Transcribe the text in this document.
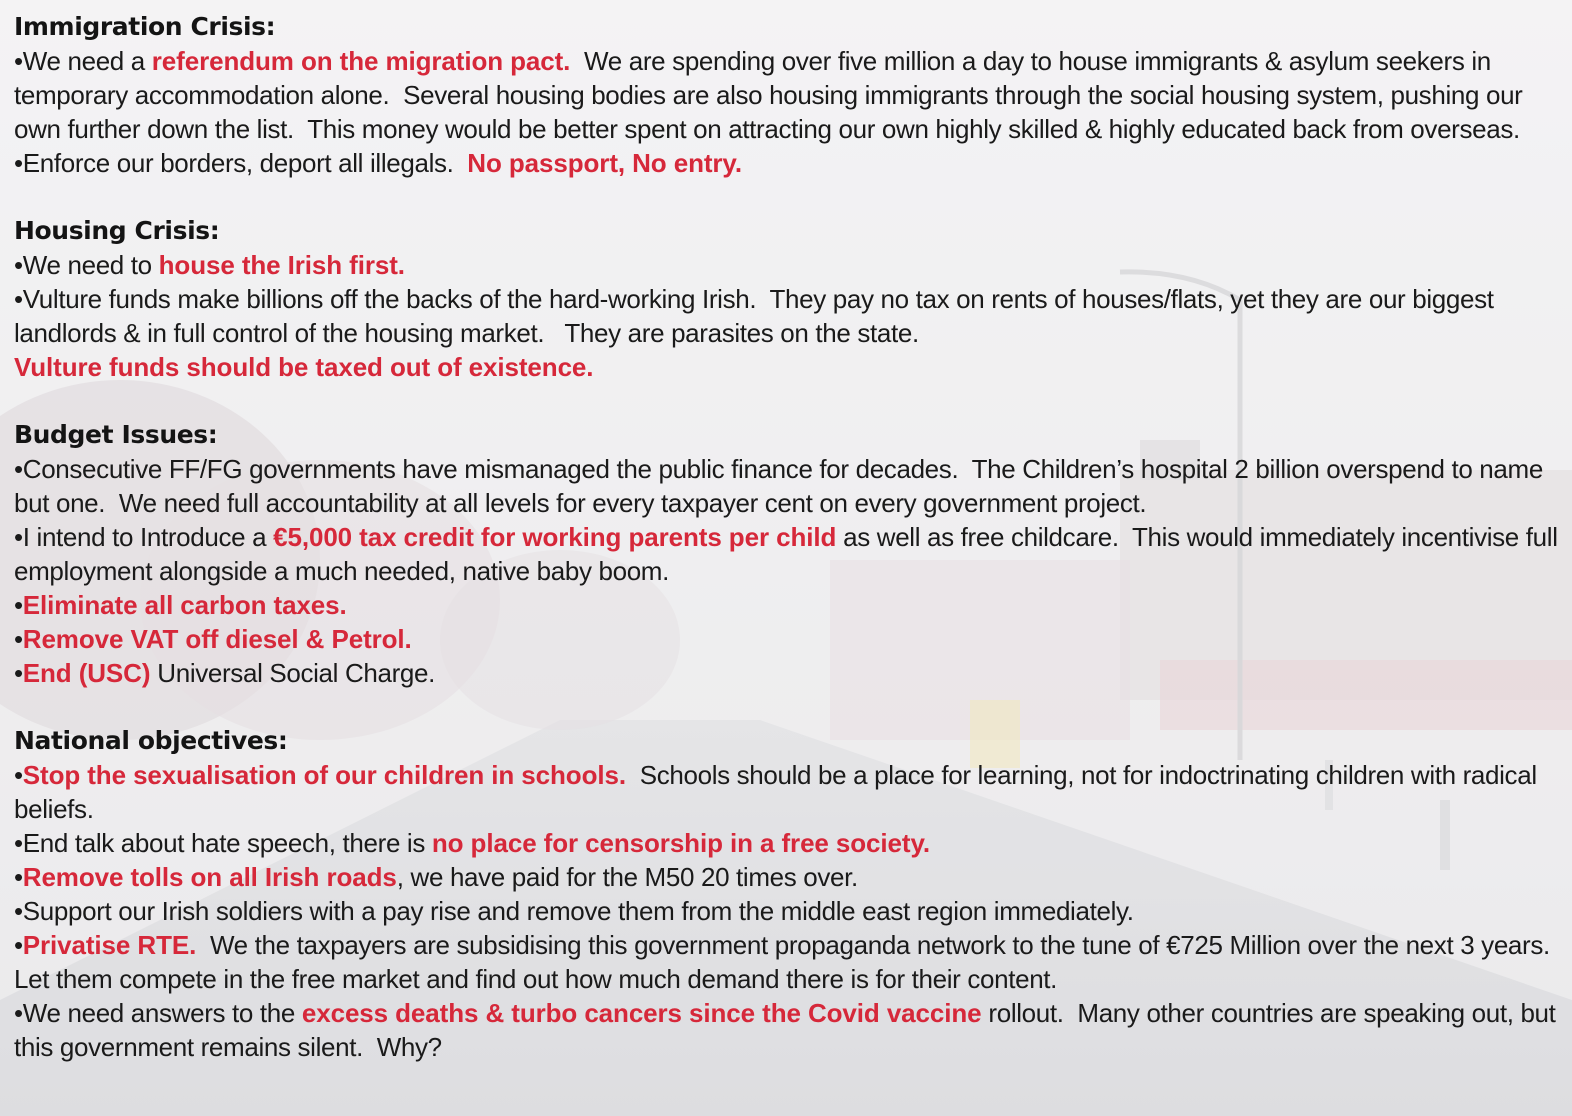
Immigration Crisis:
•We need a referendum on the migration pact.  We are spending over five million a day to house immigrants & asylum seekers in temporary accommodation alone.  Several housing bodies are also housing immigrants through the social housing system, pushing our own further down the list.  This money would be better spent on attracting our own highly skilled & highly educated back from overseas.
•Enforce our borders, deport all illegals.  No passport, No entry.
Housing Crisis:
•We need to house the Irish first.
•Vulture funds make billions off the backs of the hard-working Irish.  They pay no tax on rents of houses/flats, yet they are our biggest landlords & in full control of the housing market.   They are parasites on the state.
Vulture funds should be taxed out of existence.
Budget Issues:
•Consecutive FF/FG governments have mismanaged the public finance for decades.  The Children’s hospital 2 billion overspend to name but one.  We need full accountability at all levels for every taxpayer cent on every government project.
•I intend to Introduce a €5,000 tax credit for working parents per child as well as free childcare.  This would immediately incentivise full employment alongside a much needed, native baby boom.
•Eliminate all carbon taxes.
•Remove VAT off diesel & Petrol.
•End (USC) Universal Social Charge.
National objectives:
•Stop the sexualisation of our children in schools.  Schools should be a place for learning, not for indoctrinating children with radical beliefs.
•End talk about hate speech, there is no place for censorship in a free society.
•Remove tolls on all Irish roads, we have paid for the M50 20 times over.
•Support our Irish soldiers with a pay rise and remove them from the middle east region immediately.
•Privatise RTE.  We the taxpayers are subsidising this government propaganda network to the tune of €725 Million over the next 3 years.  Let them compete in the free market and find out how much demand there is for their content.
•We need answers to the excess deaths & turbo cancers since the Covid vaccine rollout.  Many other countries are speaking out, but this government remains silent.  Why?
